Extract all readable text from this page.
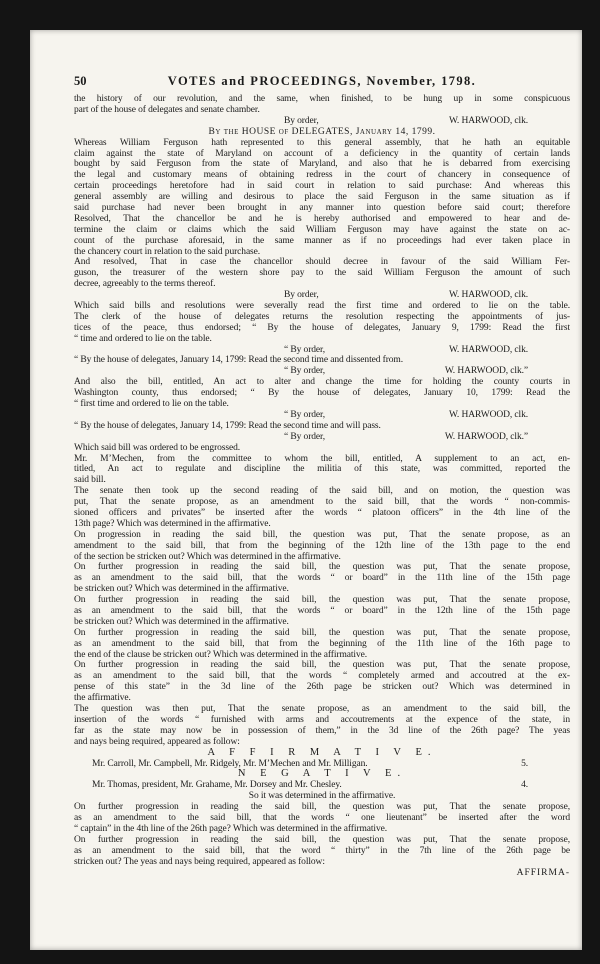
50	VOTES and PROCEEDINGS, November, 1798.
the history of our revolution, and the same, when finished, to be hung up in some conspicuous
part of the house of delegates and senate chamber.
By order,	W. HARWOOD, clk.
By the HOUSE of DELEGATES, January 14, 1799.
Whereas William Ferguson hath represented to this general assembly, that he hath an equitable
claim against the state of Maryland on account of a deficiency in the quantity of certain lands
bought by said Ferguson from the state of Maryland, and also that he is debarred from exercising
the legal and customary means of obtaining redress in the court of chancery in consequence of
certain proceedings heretofore had in said court in relation to said purchase: And whereas this
general assembly are willing and desirous to place the said Ferguson in the same situation as if
said purchase had never been brought in any manner into question before said court; therefore
Resolved, That the chancellor be and he is hereby authorised and empowered to hear and de-
termine the claim or claims which the said William Ferguson may have against the state on ac-
count of the purchase aforesaid, in the same manner as if no proceedings had ever taken place in
the chancery court in relation to the said purchase.
And resolved, That in case the chancellor should decree in favour of the said William Fer-
guson, the treasurer of the western shore pay to the said William Ferguson the amount of such
decree, agreeably to the terms thereof.
By order,	W. HARWOOD, clk.
Which said bills and resolutions were severally read the first time and ordered to lie on the table.
The clerk of the house of delegates returns the resolution respecting the appointments of jus-
tices of the peace, thus endorsed; “ By the house of delegates, January 9, 1799: Read the first
“ time and ordered to lie on the table.
“ By order,	W. HARWOOD, clk.
“ By the house of delegates, January 14, 1799: Read the second time and dissented from.
“ By order,	W. HARWOOD, clk.”
And also the bill, entitled, An act to alter and change the time for holding the county courts in
Washington county, thus endorsed; “ By the house of delegates, January 10, 1799: Read the
“ first time and ordered to lie on the table.
“ By order,	W. HARWOOD, clk.
“ By the house of delegates, January 14, 1799: Read the second time and will pass.
“ By order,	W. HARWOOD, clk.”
Which said bill was ordered to be engrossed.
Mr. M’Mechen, from the committee to whom the bill, entitled, A supplement to an act, en-
titled, An act to regulate and discipline the militia of this state, was committed, reported the
said bill.
The senate then took up the second reading of the said bill, and on motion, the question was
put, That the senate propose, as an amendment to the said bill, that the words “ non-commis-
sioned officers and privates” be inserted after the words “ platoon officers” in the 4th line of the
13th page? Which was determined in the affirmative.
On progression in reading the said bill, the question was put, That the senate propose, as an
amendment to the said bill, that from the beginning of the 12th line of the 13th page to the end
of the section be stricken out? Which was determined in the affirmative.
On further progression in reading the said bill, the question was put, That the senate propose,
as an amendment to the said bill, that the words “ or board” in the 11th line of the 15th page
be stricken out? Which was determined in the affirmative.
On further progression in reading the said bill, the question was put, That the senate propose,
as an amendment to the said bill, that the words “ or board” in the 12th line of the 15th page
be stricken out? Which was determined in the affirmative.
On further progression in reading the said bill, the question was put, That the senate propose,
as an amendment to the said bill, that from the beginning of the 11th line of the 16th page to
the end of the clause be stricken out? Which was determined in the affirmative.
On further progression in reading the said bill, the question was put, That the senate propose,
as an amendment to the said bill, that the words “ completely armed and accoutred at the ex-
pense of this state” in the 3d line of the 26th page be stricken out? Which was determined in
the affirmative.
The question was then put, That the senate propose, as an amendment to the said bill, the
insertion of the words “ furnished with arms and accoutrements at the expence of the state, in
far as the state may now be in possession of them,” in the 3d line of the 26th page? The yeas
and nays being required, appeared as follow:
A F F I R M A T I V E.
Mr. Carroll, Mr. Campbell, Mr. Ridgely, Mr. M’Mechen and Mr. Milligan.	5.
N E G A T I V E.
Mr. Thomas, president, Mr. Grahame, Mr. Dorsey and Mr. Chesley.	4.
So it was determined in the affirmative.
On further progression in reading the said bill, the question was put, That the senate propose,
as an amendment to the said bill, that the words “ one lieutenant” be inserted after the word
“ captain” in the 4th line of the 26th page? Which was determined in the affirmative.
On further progression in reading the said bill, the question was put, That the senate propose,
as an amendment to the said bill, that the word “ thirty” in the 7th line of the 26th page be
stricken out? The yeas and nays being required, appeared as follow:
AFFIRMA-
